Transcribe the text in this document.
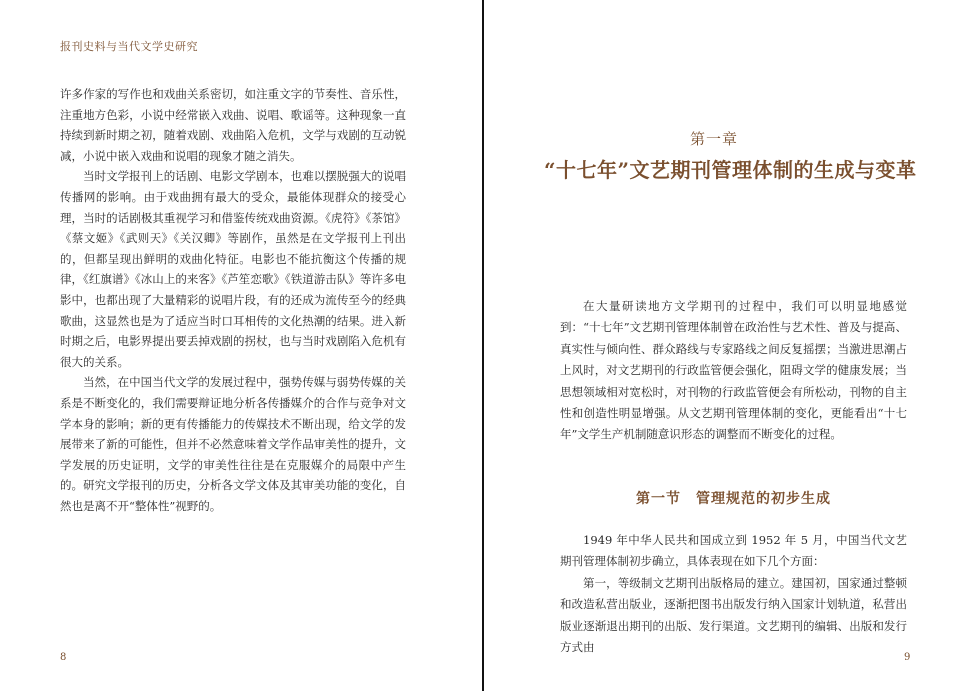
报刊史料与当代文学史研究

许多作家的写作也和戏曲关系密切，如注重文字的节奏性、音乐性，注重地方色彩，小说中经常嵌入戏曲、说唱、歌谣等。这种现象一直持续到新时期之初，随着戏剧、戏曲陷入危机，文学与戏剧的互动锐减，小说中嵌入戏曲和说唱的现象才随之消失。

当时文学报刊上的话剧、电影文学剧本，也难以摆脱强大的说唱传播网的影响。由于戏曲拥有最大的受众，最能体现群众的接受心理，当时的话剧极其重视学习和借鉴传统戏曲资源。《虎符》《茶馆》《蔡文姬》《武则天》《关汉卿》等剧作，虽然是在文学报刊上刊出的，但都呈现出鲜明的戏曲化特征。电影也不能抗衡这个传播的规律，《红旗谱》《冰山上的来客》《芦笙恋歌》《铁道游击队》等许多电影中，也都出现了大量精彩的说唱片段，有的还成为流传至今的经典歌曲，这显然也是为了适应当时口耳相传的文化热潮的结果。进入新时期之后，电影界提出要丢掉戏剧的拐杖，也与当时戏剧陷入危机有很大的关系。

当然，在中国当代文学的发展过程中，强势传媒与弱势传媒的关系是不断变化的，我们需要辩证地分析各传播媒介的合作与竞争对文学本身的影响；新的更有传播能力的传媒技术不断出现，给文学的发展带来了新的可能性，但并不必然意味着文学作品审美性的提升，文学发展的历史证明，文学的审美性往往是在克服媒介的局限中产生的。研究文学报刊的历史，分析各文学文体及其审美功能的变化，自然也是离不开“整体性”视野的。

8
第一章
“十七年”文艺期刊管理体制的生成与变革

在大量研读地方文学期刊的过程中，我们可以明显地感觉到：“十七年”文艺期刊管理体制曾在政治性与艺术性、普及与提高、真实性与倾向性、群众路线与专家路线之间反复摇摆；当激进思潮占上风时，对文艺期刊的行政监管便会强化，阻碍文学的健康发展；当思想领域相对宽松时，对刊物的行政监管便会有所松动，刊物的自主性和创造性明显增强。从文艺期刊管理体制的变化，更能看出“十七年”文学生产机制随意识形态的调整而不断变化的过程。

第一节　管理规范的初步生成

1949 年中华人民共和国成立到 1952 年 5 月，中国当代文艺期刊管理体制初步确立，具体表现在如下几个方面：

第一，等级制文艺期刊出版格局的建立。建国初，国家通过整顿和改造私营出版业，逐渐把图书出版发行纳入国家计划轨道，私营出版业逐渐退出期刊的出版、发行渠道。文艺期刊的编辑、出版和发行方式由

9
